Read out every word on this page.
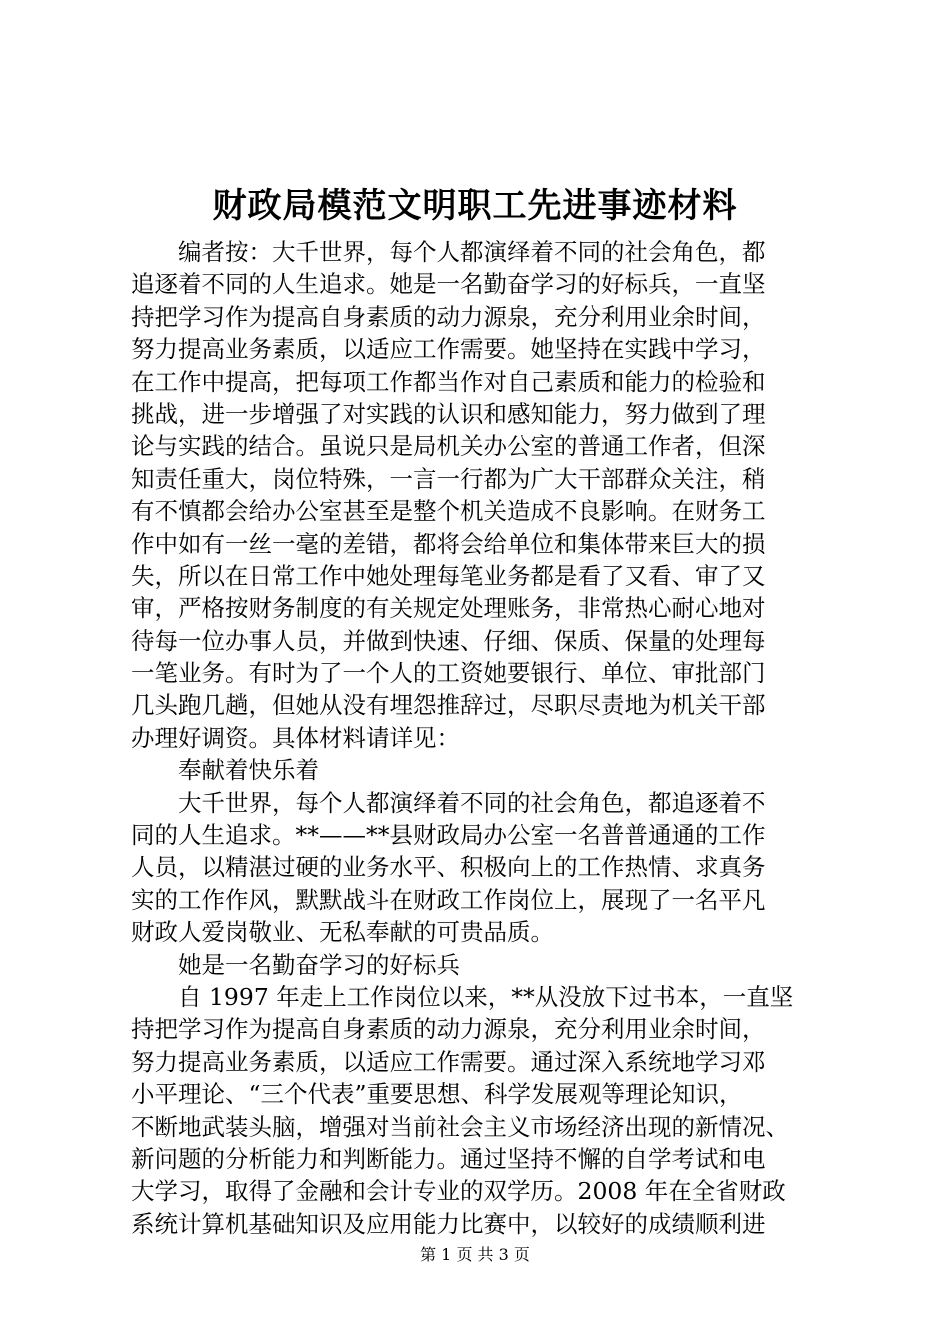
财政局模范文明职工先进事迹材料
编者按：大千世界，每个人都演绎着不同的社会角色，都
追逐着不同的人生追求。她是一名勤奋学习的好标兵，一直坚
持把学习作为提高自身素质的动力源泉，充分利用业余时间，
努力提高业务素质，以适应工作需要。她坚持在实践中学习，
在工作中提高，把每项工作都当作对自己素质和能力的检验和
挑战，进一步增强了对实践的认识和感知能力，努力做到了理
论与实践的结合。虽说只是局机关办公室的普通工作者，但深
知责任重大，岗位特殊，一言一行都为广大干部群众关注，稍
有不慎都会给办公室甚至是整个机关造成不良影响。在财务工
作中如有一丝一毫的差错，都将会给单位和集体带来巨大的损
失，所以在日常工作中她处理每笔业务都是看了又看、审了又
审，严格按财务制度的有关规定处理账务，非常热心耐心地对
待每一位办事人员，并做到快速、仔细、保质、保量的处理每
一笔业务。有时为了一个人的工资她要银行、单位、审批部门
几头跑几趟，但她从没有埋怨推辞过，尽职尽责地为机关干部
办理好调资。具体材料请详见：
奉献着快乐着
大千世界，每个人都演绎着不同的社会角色，都追逐着不
同的人生追求。**——**县财政局办公室一名普普通通的工作
人员，以精湛过硬的业务水平、积极向上的工作热情、求真务
实的工作作风，默默战斗在财政工作岗位上，展现了一名平凡
财政人爱岗敬业、无私奉献的可贵品质。
她是一名勤奋学习的好标兵
自 1997 年走上工作岗位以来，**从没放下过书本，一直坚
持把学习作为提高自身素质的动力源泉，充分利用业余时间，
努力提高业务素质，以适应工作需要。通过深入系统地学习邓
小平理论、“三个代表”重要思想、科学发展观等理论知识，
不断地武装头脑，增强对当前社会主义市场经济出现的新情况、
新问题的分析能力和判断能力。通过坚持不懈的自学考试和电
大学习，取得了金融和会计专业的双学历。2008 年在全省财政
系统计算机基础知识及应用能力比赛中，以较好的成绩顺利进
第 1 页 共 3 页
